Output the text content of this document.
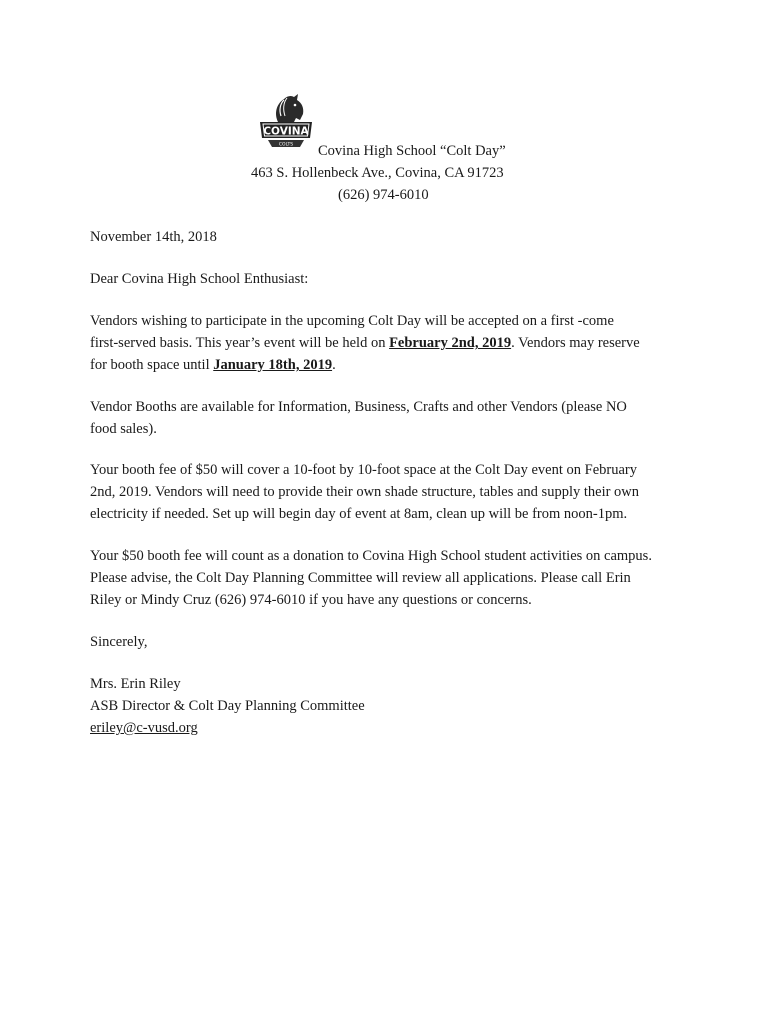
COVINA
COLTS Covina High School “Colt Day”
463 S. Hollenbeck Ave., Covina, CA 91723
(626) 974-6010
November 14th, 2018
Dear Covina High School Enthusiast:

Vendors wishing to participate in the upcoming Colt Day will be accepted on a first -come

first-served basis. This year’s event will be held on February 2nd, 2019. Vendors may reserve

for booth space until January 18th, 2019.

Vendor Booths are available for Information, Business, Crafts and other Vendors (please NO

food sales).

Your booth fee of $50 will cover a 10-foot by 10-foot space at the Colt Day event on February

2nd, 2019. Vendors will need to provide their own shade structure, tables and supply their own

electricity if needed. Set up will begin day of event at 8am, clean up will be from noon-1pm.

Your $50 booth fee will count as a donation to Covina High School student activities on campus.

Please advise, the Colt Day Planning Committee will review all applications. Please call Erin

Riley or Mindy Cruz (626) 974-6010 if you have any questions or concerns.

Sincerely,

Mrs. Erin Riley

ASB Director & Colt Day Planning Committee

eriley@c-vusd.org
